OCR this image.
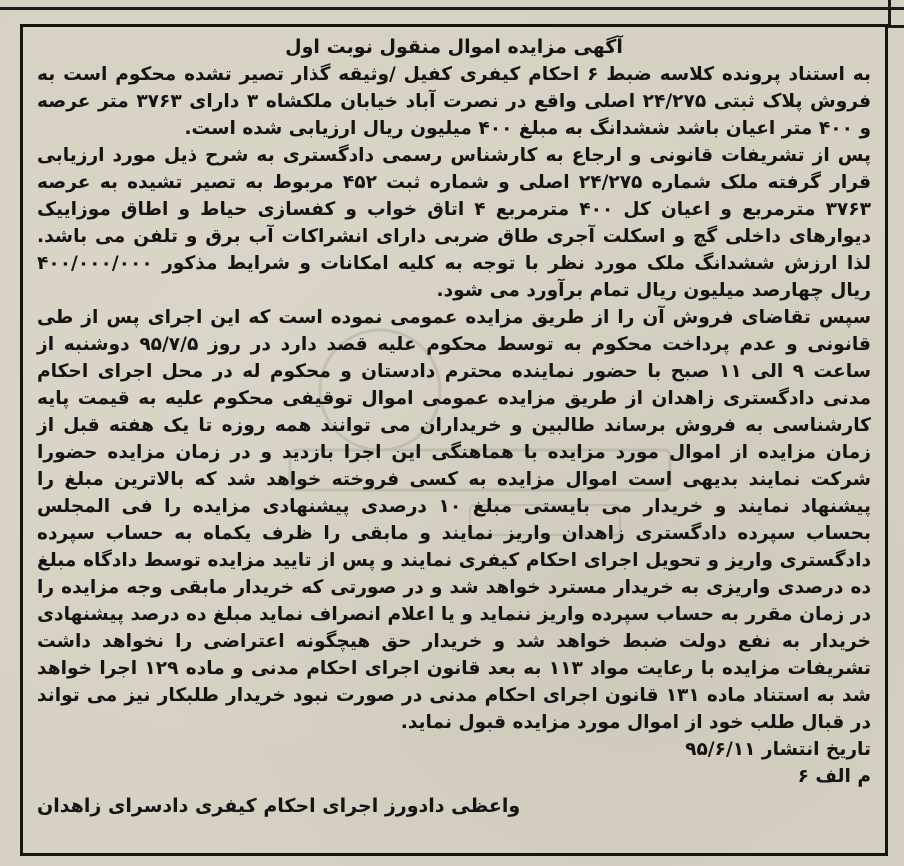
آگهی مزایده اموال منقول نوبت اول

به استناد پرونده کلاسه ضبط ۶ احکام کیفری کفیل /وثیقه گذار تصیر تشده محکوم است به فروش پلاک ثبتی ۲۴/۲۷۵ اصلی واقع در نصرت آباد خیابان ملکشاه ۳ دارای ۳۷۶۳ متر عرصه و ۴۰۰ متر اعیان باشد ششدانگ به مبلغ ۴۰۰ میلیون ریال ارزیابی شده است.

پس از تشریفات قانونی و ارجاع به کارشناس رسمی دادگستری به شرح ذیل مورد ارزیابی قرار گرفته ملک شماره ۲۴/۲۷۵ اصلی و شماره ثبت ۴۵۲ مربوط به تصیر تشیده به عرصه ۳۷۶۳ مترمربع و اعیان کل ۴۰۰ مترمربع ۴ اتاق خواب و کفسازی حیاط و اطاق موزاییک دیوارهای داخلی گچ و اسکلت آجری طاق ضربی دارای انشراکات آب برق و تلفن می باشد. لذا ارزش ششدانگ ملک مورد نظر با توجه به کلیه امکانات و شرایط مذکور ۴۰۰/۰۰۰/۰۰۰ ریال چهارصد میلیون ریال تمام برآورد می شود.

سپس تقاضای فروش آن را از طریق مزایده عمومی نموده است که این اجرای پس از طی قانونی و عدم پرداخت محکوم به توسط محکوم علیه قصد دارد در روز ۹۵/۷/۵ دوشنبه از ساعت ۹ الی ۱۱ صبح با حضور نماینده محترم دادستان و محکوم له در محل اجرای احکام مدنی دادگستری زاهدان از طریق مزایده عمومی اموال توقیفی محکوم علیه به قیمت پایه کارشناسی به فروش برساند طالبین و خریداران می توانند همه روزه تا یک هفته قبل از زمان مزایده از اموال مورد مزایده با هماهنگی این اجرا بازدید و در زمان مزایده حضورا شرکت نمایند بدیهی است اموال مزایده به کسی فروخته خواهد شد که بالاترین مبلغ را پیشنهاد نمایند و خریدار می بایستی مبلغ ۱۰ درصدی پیشنهادی مزایده را فی المجلس بحساب سپرده دادگستری زاهدان واریز نمایند و مابقی را ظرف یکماه به حساب سپرده دادگستری واریز و تحویل اجرای احکام کیفری نمایند و پس از تایید مزایده توسط دادگاه مبلغ ده درصدی واریزی به خریدار مسترد خواهد شد و در صورتی که خریدار مابقی وجه مزایده را در زمان مقرر به حساب سپرده واریز ننماید و یا اعلام انصراف نماید مبلغ ده درصد پیشنهادی خریدار به نفع دولت ضبط خواهد شد و خریدار حق هیچگونه اعتراضی را نخواهد داشت تشریفات مزایده با رعایت مواد ۱۱۳ به بعد قانون اجرای احکام مدنی و ماده ۱۲۹ اجرا خواهد شد به استناد ماده ۱۳۱ قانون اجرای احکام مدنی در صورت نبود خریدار طلبکار نیز می تواند در قبال طلب خود از اموال مورد مزایده قبول نماید.

تاریخ انتشار ۹۵/۶/۱۱

م الف ۶

واعظی دادورز اجرای احکام کیفری دادسرای زاهدان
